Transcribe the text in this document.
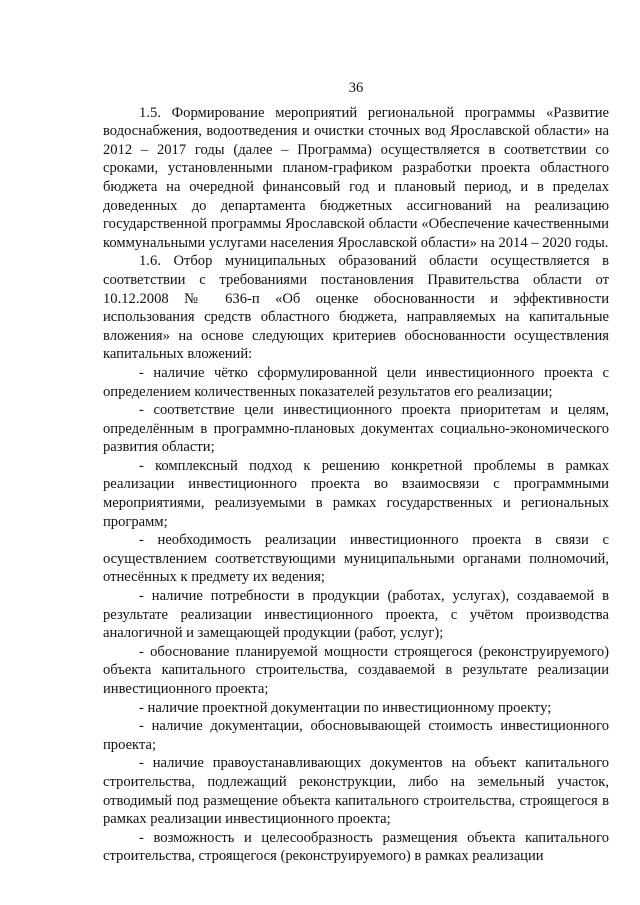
36

1.5. Формирование мероприятий региональной программы «Развитие водоснабжения, водоотведения и очистки сточных вод Ярославской области» на 2012 – 2017 годы (далее – Программа) осуществляется в соответствии со сроками, установленными планом-графиком разработки проекта областного бюджета на очередной финансовый год и плановый период, и в пределах доведенных до департамента бюджетных ассигнований на реализацию государственной программы Ярославской области «Обеспечение качественными коммунальными услугами населения Ярославской области» на 2014 – 2020 годы.

1.6. Отбор муниципальных образований области осуществляется в соответствии с требованиями постановления Правительства области от 10.12.2008 № 636-п «Об оценке обоснованности и эффективности использования средств областного бюджета, направляемых на капитальные вложения» на основе следующих критериев обоснованности осуществления капитальных вложений:

- наличие чётко сформулированной цели инвестиционного проекта с определением количественных показателей результатов его реализации;

- соответствие цели инвестиционного проекта приоритетам и целям, определённым в программно-плановых документах социально-экономического развития области;

- комплексный подход к решению конкретной проблемы в рамках реализации инвестиционного проекта во взаимосвязи с программными мероприятиями, реализуемыми в рамках государственных и региональных программ;

- необходимость реализации инвестиционного проекта в связи с осуществлением соответствующими муниципальными органами полномочий, отнесённых к предмету их ведения;

- наличие потребности в продукции (работах, услугах), создаваемой в результате реализации инвестиционного проекта, с учётом производства аналогичной и замещающей продукции (работ, услуг);

- обоснование планируемой мощности строящегося (реконструируемого) объекта капитального строительства, создаваемой в результате реализации инвестиционного проекта;

- наличие проектной документации по инвестиционному проекту;

- наличие документации, обосновывающей стоимость инвестиционного проекта;

- наличие правоустанавливающих документов на объект капитального строительства, подлежащий реконструкции, либо на земельный участок, отводимый под размещение объекта капитального строительства, строящегося в рамках реализации инвестиционного проекта;

- возможность и целесообразность размещения объекта капитального строительства, строящегося (реконструируемого) в рамках реализации
